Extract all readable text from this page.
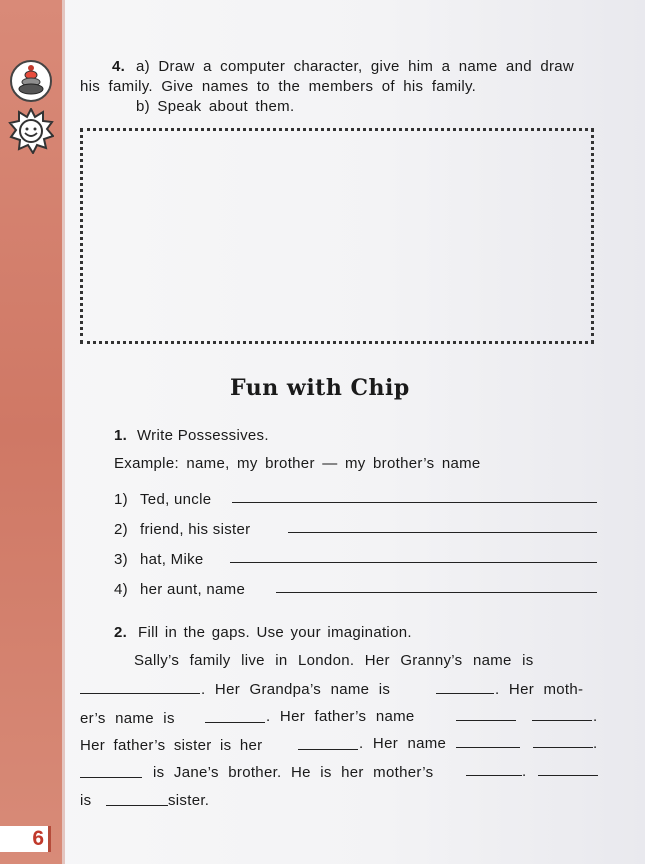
6
4. a) Draw a computer character, give him a name and draw
his family. Give names to the members of his family.
b) Speak about them.
Fun with Chip
1. Write Possessives.
Example: name, my brother — my brother’s name
1) Ted, uncle
2) friend, his sister
3) hat, Mike
4) her aunt, name
2. Fill in the gaps. Use your imagination.
Sally’s family live in London. Her Granny’s name is
. Her Grandpa’s name is	. Her moth-
er’s name is	. Her father’s name	.
Her father’s sister is her	. Her name	.
is Jane’s brother. He is her mother’s	.
is	sister.
